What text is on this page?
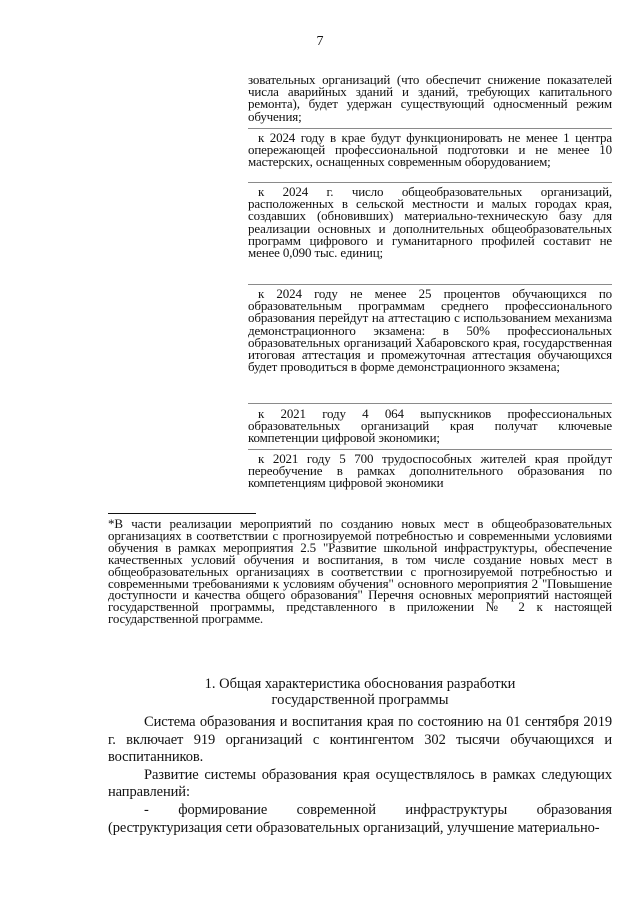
7

зовательных организаций (что обеспечит снижение показателей числа аварийных зданий и зданий, требующих капитального ремонта), будет удержан существующий односменный режим обучения;

к 2024 году в крае будут функционировать не менее 1 центра опережающей профессиональной подготовки и не менее 10 мастерских, оснащенных современным оборудованием;

к 2024 г. число общеобразовательных организаций, расположенных в сельской местности и малых городах края, создавших (обновивших) материально-техническую базу для реализации основных и дополнительных общеобразовательных программ цифрового и гуманитарного профилей составит не менее 0,090 тыс. единиц;

к 2024 году не менее 25 процентов обучающихся по образовательным программам среднего профессионального образования перейдут на аттестацию с использованием механизма демонстрационного экзамена: в 50% профессиональных образовательных организаций Хабаровского края, государственная итоговая аттестация и промежуточная аттестация обучающихся будет проводиться в форме демонстрационного экзамена;

к 2021 году 4 064 выпускников профессиональных образовательных организаций края получат ключевые компетенции цифровой экономики;

к 2021 году 5 700 трудоспособных жителей края пройдут переобучение в рамках дополнительного образования по компетенциям цифровой экономики

*В части реализации мероприятий по созданию новых мест в общеобразовательных организациях в соответствии с прогнозируемой потребностью и современными условиями обучения в рамках мероприятия 2.5 "Развитие школьной инфраструктуры, обеспечение качественных условий обучения и воспитания, в том числе создание новых мест в общеобразовательных организациях в соответствии с прогнозируемой потребностью и современными требованиями к условиям обучения" основного мероприятия 2 "Повышение доступности и качества общего образования" Перечня основных мероприятий настоящей государственной программы, представленного в приложении № 2 к настоящей государственной программе.
1. Общая характеристика обоснования разработки
государственной программы

Система образования и воспитания края по состоянию на 01 сентября 2019 г. включает 919 организаций с контингентом 302 тысячи обучающихся и воспитанников.

Развитие системы образования края осуществлялось в рамках следующих направлений:

- формирование современной инфраструктуры образования (реструктуризация сети образовательных организаций, улучшение материально-
